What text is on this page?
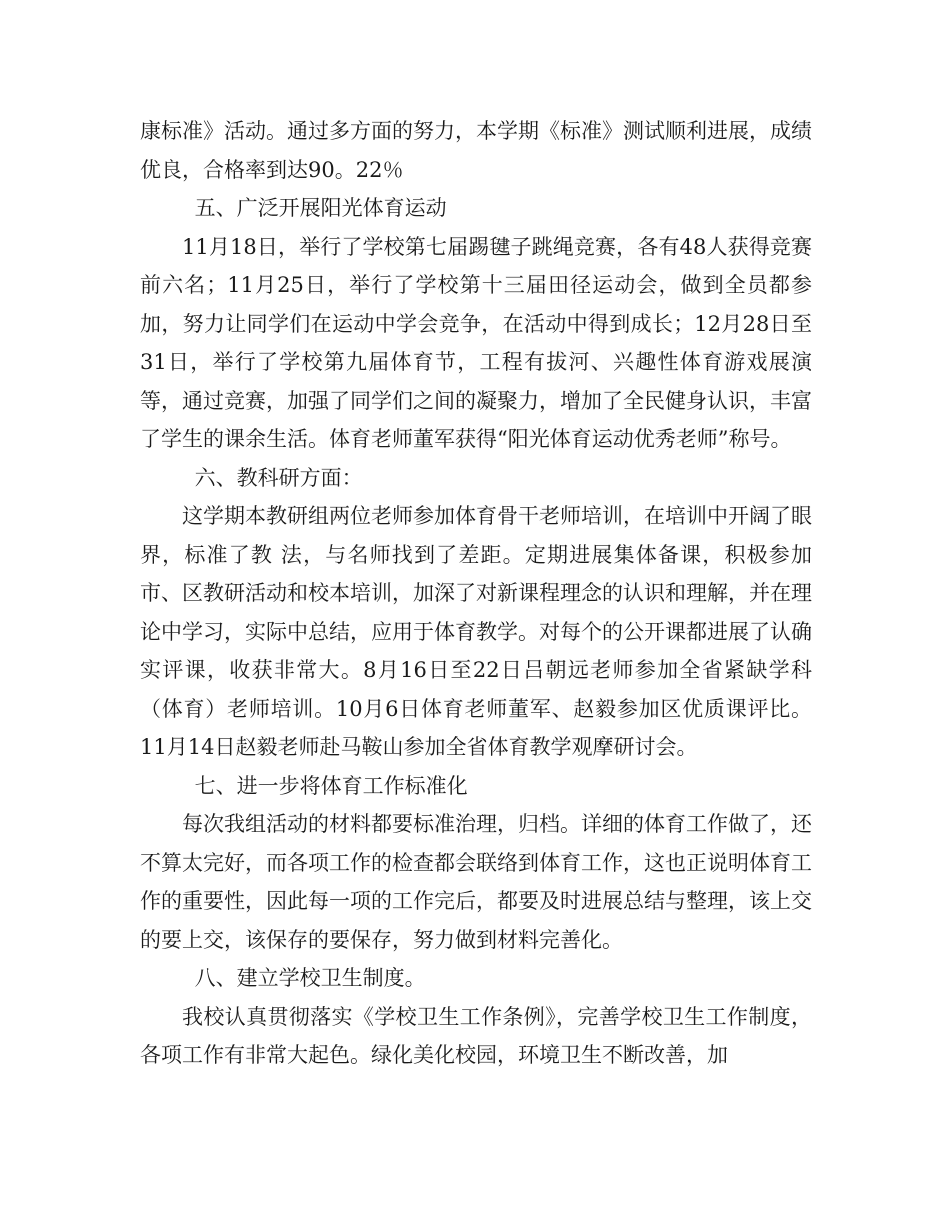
康标准》活动。通过多方面的努力，本学期《标准》测试顺利进展，成绩优良，合格率到达90。22％

五、广泛开展阳光体育运动

11月18日，举行了学校第七届踢毽子跳绳竞赛，各有48人获得竞赛前六名；11月25日，举行了学校第十三届田径运动会，做到全员都参加，努力让同学们在运动中学会竞争，在活动中得到成长；12月28日至31日，举行了学校第九届体育节，工程有拔河、兴趣性体育游戏展演等，通过竞赛，加强了同学们之间的凝聚力，增加了全民健身认识，丰富了学生的课余生活。体育老师董军获得“阳光体育运动优秀老师”称号。

六、教科研方面：

这学期本教研组两位老师参加体育骨干老师培训，在培训中开阔了眼界，标准了教 法，与名师找到了差距。定期进展集体备课，积极参加市、区教研活动和校本培训，加深了对新课程理念的认识和理解，并在理论中学习，实际中总结，应用于体育教学。对每个的公开课都进展了认确实评课，收获非常大。8月16日至22日吕朝远老师参加全省紧缺学科（体育）老师培训。10月6日体育老师董军、赵毅参加区优质课评比。11月14日赵毅老师赴马鞍山参加全省体育教学观摩研讨会。

七、进一步将体育工作标准化

每次我组活动的材料都要标准治理，归档。详细的体育工作做了，还不算太完好，而各项工作的检查都会联络到体育工作，这也正说明体育工作的重要性，因此每一项的工作完后，都要及时进展总结与整理，该上交的要上交，该保存的要保存，努力做到材料完善化。

八、建立学校卫生制度。

我校认真贯彻落实《学校卫生工作条例》，完善学校卫生工作制度，各项工作有非常大起色。绿化美化校园，环境卫生不断改善，加
